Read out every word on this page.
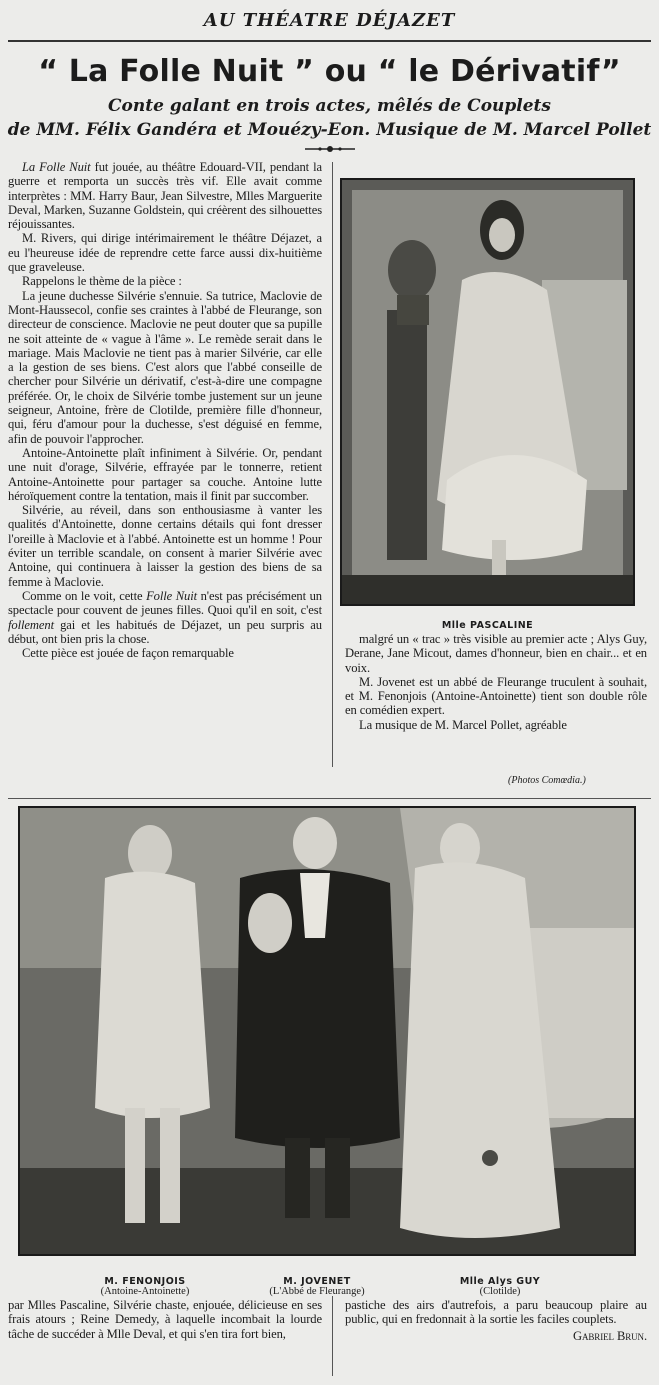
AU THÉATRE DÉJAZET
“ La Folle Nuit ” ou “ le Dérivatif”
Conte galant en trois actes, mêlés de Couplets
de MM. Félix Gandéra et Mouézy-Eon. Musique de M. Marcel Pollet

La Folle Nuit fut jouée, au théâtre Edouard-VII, pendant la guerre et remporta un succès très vif. Elle avait comme interprètes : MM. Harry Baur, Jean Silvestre, Mlles Marguerite Deval, Marken, Suzanne Goldstein, qui créèrent des silhouettes réjouissantes.

M. Rivers, qui dirige intérimairement le théâtre Déjazet, a eu l'heureuse idée de reprendre cette farce aussi dix-huitième que graveleuse.

Rappelons le thème de la pièce :

La jeune duchesse Silvérie s'ennuie. Sa tutrice, Maclovie de Mont-Haussecol, confie ses craintes à l'abbé de Fleurange, son directeur de conscience. Maclovie ne peut douter que sa pupille ne soit atteinte de « vague à l'âme ». Le remède serait dans le mariage. Mais Maclovie ne tient pas à marier Silvérie, car elle a la gestion de ses biens. C'est alors que l'abbé conseille de chercher pour Silvérie un dérivatif, c'est-à-dire une compagne préférée. Or, le choix de Silvérie tombe justement sur un jeune seigneur, Antoine, frère de Clotilde, première fille d'honneur, qui, féru d'amour pour la duchesse, s'est déguisé en femme, afin de pouvoir l'approcher.

Antoine-Antoinette plaît infiniment à Silvérie. Or, pendant une nuit d'orage, Silvérie, effrayée par le tonnerre, retient Antoine-Antoinette pour partager sa couche. Antoine lutte héroïquement contre la tentation, mais il finit par succomber.

Silvérie, au réveil, dans son enthousiasme à vanter les qualités d'Antoinette, donne certains détails qui font dresser l'oreille à Maclovie et à l'abbé. Antoinette est un homme ! Pour éviter un terrible scandale, on consent à marier Silvérie avec Antoine, qui continuera à laisser la gestion des biens de sa femme à Maclovie.

Comme on le voit, cette Folle Nuit n'est pas précisément un spectacle pour couvent de jeunes filles. Quoi qu'il en soit, c'est follement gai et les habitués de Déjazet, un peu surpris au début, ont bien pris la chose.

Cette pièce est jouée de façon remarquable

Mlle PASCALINE

malgré un « trac » très visible au premier acte ; Alys Guy, Derane, Jane Micout, dames d'honneur, bien en chair... et en voix.

M. Jovenet est un abbé de Fleurange truculent à souhait, et M. Fenonjois (Antoine-Antoinette) tient son double rôle en comédien expert.

La musique de M. Marcel Pollet, agréable

(Photos Comœdia.)
M. FENONJOIS
(Antoine-Antoinette)
M. JOVENET
(L'Abbé de Fleurange)
Mlle Alys GUY
(Clotilde)

par Mlles Pascaline, Silvérie chaste, enjouée, délicieuse en ses frais atours ; Reine Demedy, à laquelle incombait la lourde tâche de succéder à Mlle Deval, et qui s'en tira fort bien,

pastiche des airs d'autrefois, a paru beaucoup plaire au public, qui en fredonnait à la sortie les faciles couplets.

Gabriel Brun.
